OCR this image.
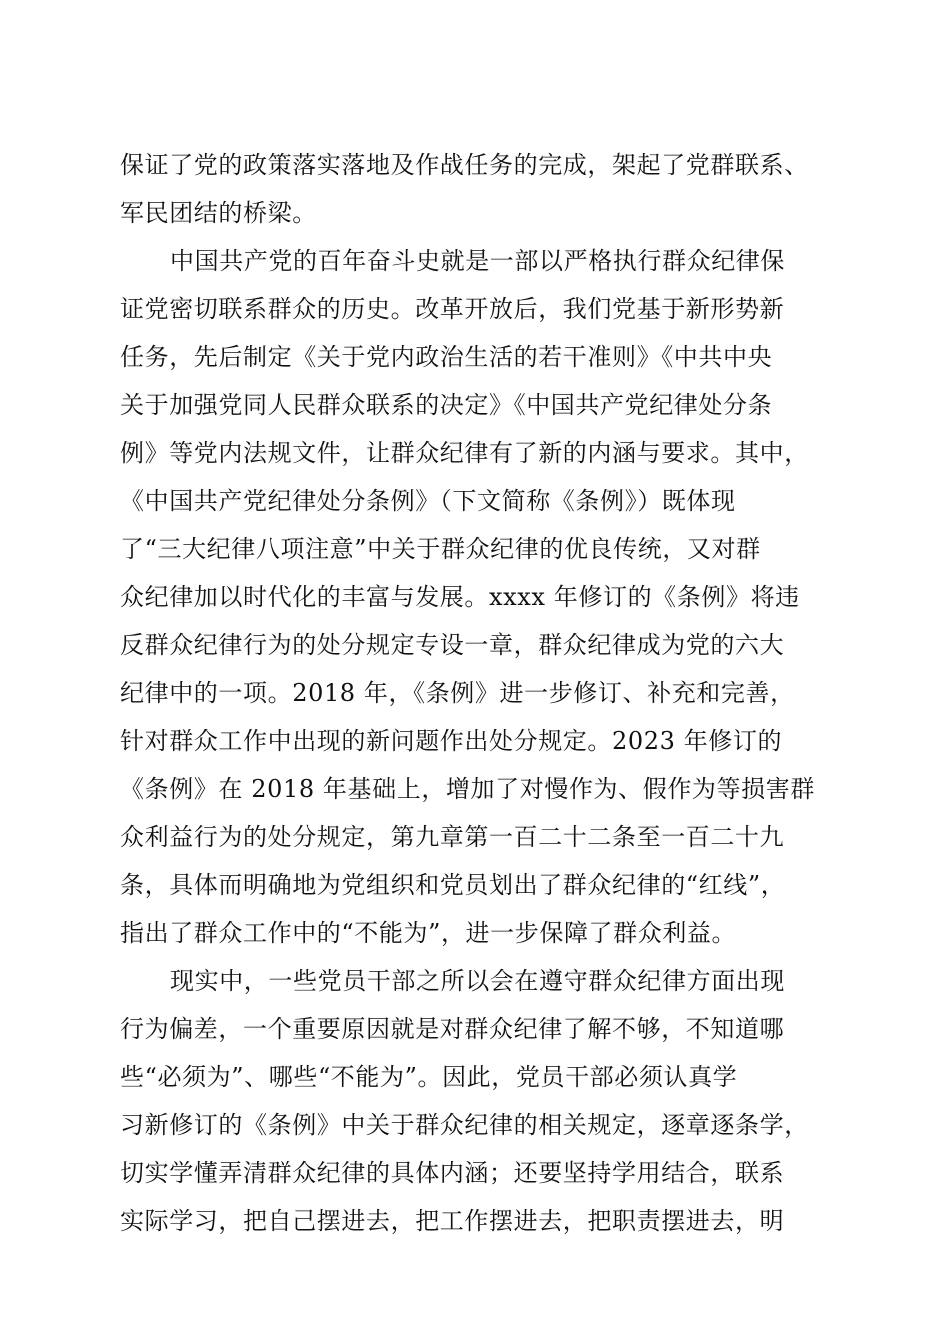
保证了党的政策落实落地及作战任务的完成，架起了党群联系、
军民团结的桥梁。
中国共产党的百年奋斗史就是一部以严格执行群众纪律保
证党密切联系群众的历史。改革开放后，我们党基于新形势新
任务，先后制定《关于党内政治生活的若干准则》《中共中央
关于加强党同人民群众联系的决定》《中国共产党纪律处分条
例》等党内法规文件，让群众纪律有了新的内涵与要求。其中，
《中国共产党纪律处分条例》（下文简称《条例》）既体现
了“三大纪律八项注意”中关于群众纪律的优良传统，又对群
众纪律加以时代化的丰富与发展。xxxx 年修订的《条例》将违
反群众纪律行为的处分规定专设一章，群众纪律成为党的六大
纪律中的一项。2018 年，《条例》进一步修订、补充和完善，
针对群众工作中出现的新问题作出处分规定。2023 年修订的
《条例》在 2018 年基础上，增加了对慢作为、假作为等损害群
众利益行为的处分规定，第九章第一百二十二条至一百二十九
条，具体而明确地为党组织和党员划出了群众纪律的“红线”，
指出了群众工作中的“不能为”，进一步保障了群众利益。
现实中，一些党员干部之所以会在遵守群众纪律方面出现
行为偏差，一个重要原因就是对群众纪律了解不够，不知道哪
些“必须为”、哪些“不能为”。因此，党员干部必须认真学
习新修订的《条例》中关于群众纪律的相关规定，逐章逐条学，
切实学懂弄清群众纪律的具体内涵；还要坚持学用结合，联系
实际学习，把自己摆进去，把工作摆进去，把职责摆进去，明
